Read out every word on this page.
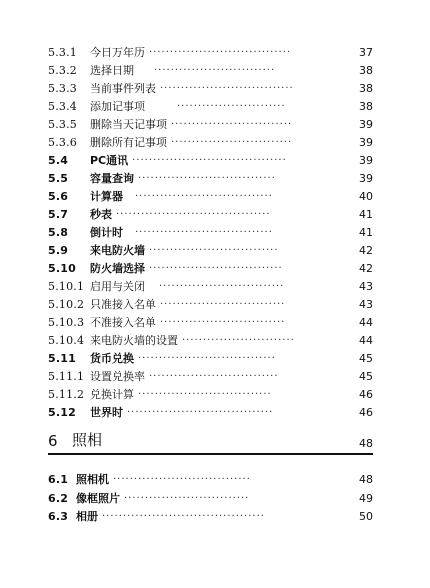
5.3.1	今日万年历 ··································	37
5.3.2	选择日期 ·····························	38
5.3.3	当前事件列表 ································	38
5.3.4	添加记事项	··························	38
5.3.5	删除当天记事项 ·····························	39
5.3.6	删除所有记事项 ·····························	39
5.4	PC通讯 ·····································	39
5.5	容量查询 ·································	39
5.6	计算器 ·································	40
5.7	秒表 ·····································	41
5.8	倒计时 ·································	41
5.9	来电防火墙 ·······························	42
5.10	防火墙选择 ································	42
5.10.1 启用与关闭 ······························	43
5.10.2 只准接入名单 ······························	43
5.10.3 不准接入名单 ······························	44
5.10.4 来电防火墙的设置 ···························	44
5.11	货币兑换 ·································	45
5.11.1 设置兑换率 ·······························	45
5.11.2 兑换计算 ································	46
5.12	世界时 ···································	46
6 照相	48
6.1 照相机 ·································	48
6.2 像框照片 ······························	49
6.3 相册 ·······································	50
